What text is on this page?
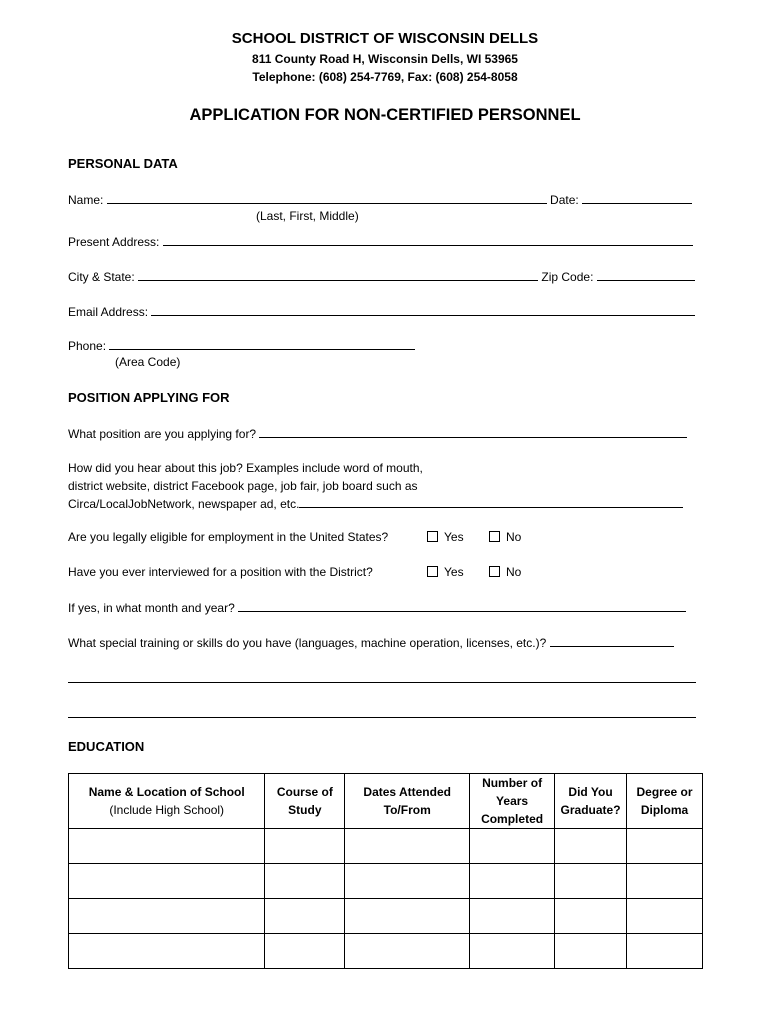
SCHOOL DISTRICT OF WISCONSIN DELLS
811 County Road H, Wisconsin Dells, WI 53965
Telephone: (608) 254-7769, Fax: (608) 254-8058
APPLICATION FOR NON-CERTIFIED PERSONNEL
PERSONAL DATA
Name:	Date:
(Last, First, Middle)
Present Address:
City & State:	Zip Code:
Email Address:
Phone:
(Area Code)
POSITION APPLYING FOR
What position are you applying for?
How did you hear about this job? Examples include word of mouth,
district website, district Facebook page, job fair, job board such as
Circa/LocalJobNetwork, newspaper ad, etc.
Are you legally eligible for employment in the United States?	Yes	No
Have you ever interviewed for a position with the District?	Yes	No
If yes, in what month and year?
What special training or skills do you have (languages, machine operation, licenses, etc.)?
EDUCATION
Name & Location of School
(Include High School)	Course of Study	Dates Attended To/From	Number of Years Completed	Did You Graduate?	Degree or Diploma
